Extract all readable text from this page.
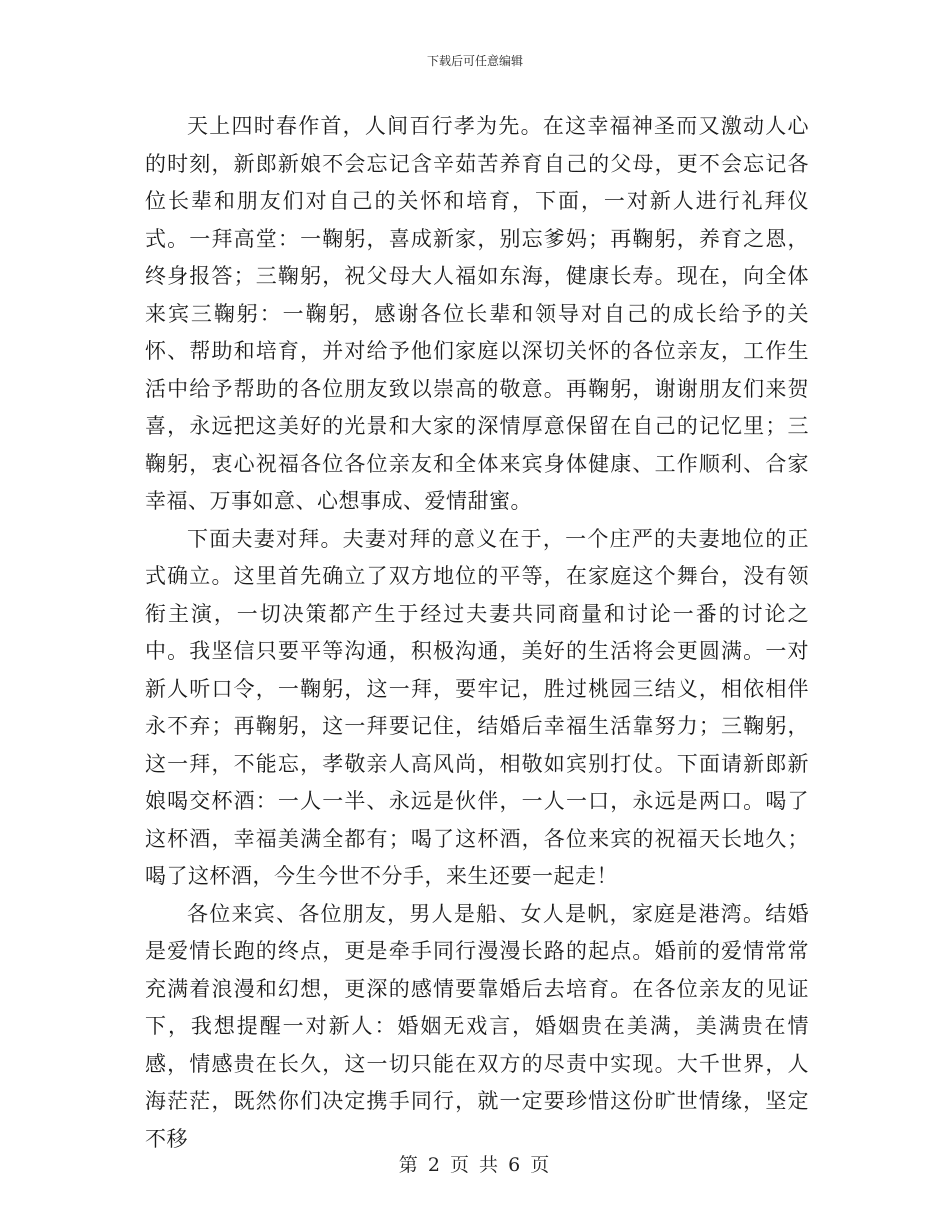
下载后可任意编辑

天上四时春作首，人间百行孝为先。在这幸福神圣而又激动人心的时刻，新郎新娘不会忘记含辛茹苦养育自己的父母，更不会忘记各位长辈和朋友们对自己的关怀和培育，下面，一对新人进行礼拜仪式。一拜高堂：一鞠躬，喜成新家，别忘爹妈；再鞠躬，养育之恩，终身报答；三鞠躬，祝父母大人福如东海，健康长寿。现在，向全体来宾三鞠躬：一鞠躬，感谢各位长辈和领导对自己的成长给予的关怀、帮助和培育，并对给予他们家庭以深切关怀的各位亲友，工作生活中给予帮助的各位朋友致以崇高的敬意。再鞠躬，谢谢朋友们来贺喜，永远把这美好的光景和大家的深情厚意保留在自己的记忆里；三鞠躬，衷心祝福各位各位亲友和全体来宾身体健康、工作顺利、合家幸福、万事如意、心想事成、爱情甜蜜。

下面夫妻对拜。夫妻对拜的意义在于，一个庄严的夫妻地位的正式确立。这里首先确立了双方地位的平等，在家庭这个舞台，没有领衔主演，一切决策都产生于经过夫妻共同商量和讨论一番的讨论之中。我坚信只要平等沟通，积极沟通，美好的生活将会更圆满。一对新人听口令，一鞠躬，这一拜，要牢记，胜过桃园三结义，相依相伴永不弃；再鞠躬，这一拜要记住，结婚后幸福生活靠努力；三鞠躬，这一拜，不能忘，孝敬亲人高风尚，相敬如宾别打仗。下面请新郎新娘喝交杯酒：一人一半、永远是伙伴，一人一口，永远是两口。喝了这杯酒，幸福美满全都有；喝了这杯酒，各位来宾的祝福天长地久；喝了这杯酒，今生今世不分手，来生还要一起走！

各位来宾、各位朋友，男人是船、女人是帆，家庭是港湾。结婚是爱情长跑的终点，更是牵手同行漫漫长路的起点。婚前的爱情常常充满着浪漫和幻想，更深的感情要靠婚后去培育。在各位亲友的见证下，我想提醒一对新人：婚姻无戏言，婚姻贵在美满，美满贵在情感，情感贵在长久，这一切只能在双方的尽责中实现。大千世界，人海茫茫，既然你们决定携手同行，就一定要珍惜这份旷世情缘，坚定不移

第 2 页 共 6 页
